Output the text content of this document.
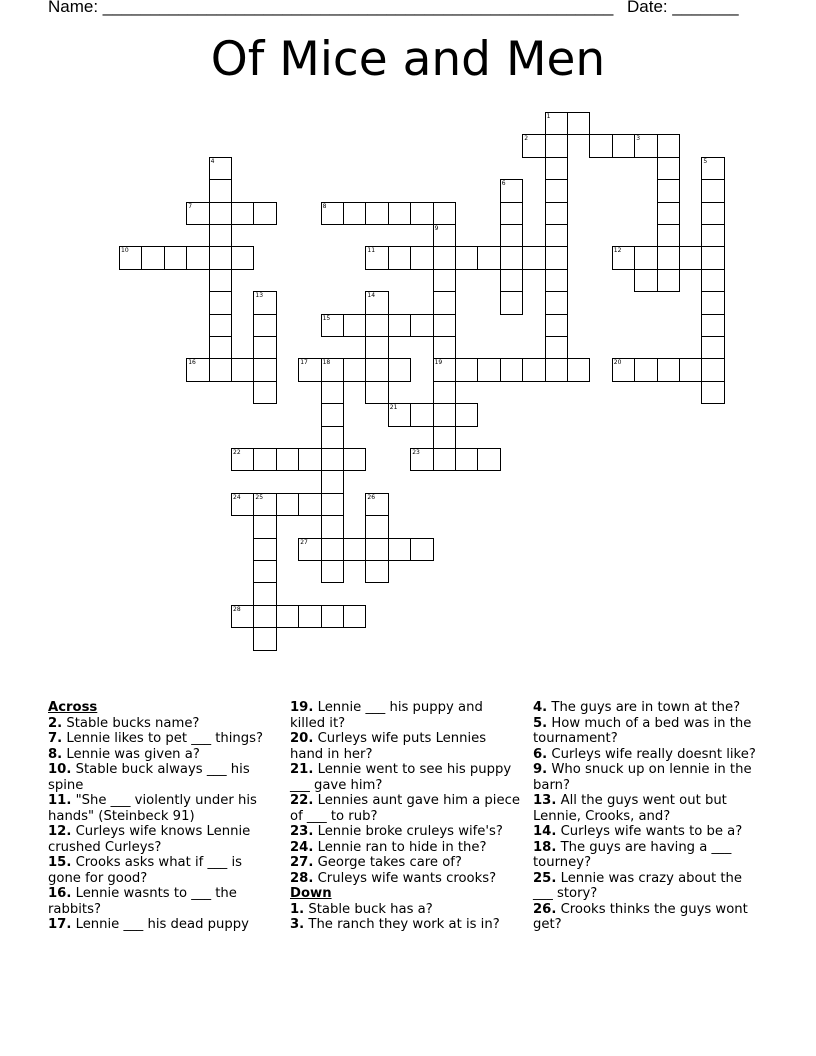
Name: ______________________________________________________ Date: _______
Of Mice and Men
1
2	3
4	5
6
7	8
9
10	11	12
13	14
15
16	17 18	19	20
21
22	23
24 25	26
27
28
Across
2. Stable bucks name?
7. Lennie likes to pet ___ things?
8. Lennie was given a?
10. Stable buck always ___ his spine
11. "She ___ violently under his hands" (Steinbeck 91)
12. Curleys wife knows Lennie crushed Curleys?
15. Crooks asks what if ___ is gone for good?
16. Lennie wasnts to ___ the rabbits?
17. Lennie ___ his dead puppy
19. Lennie ___ his puppy and killed it?
20. Curleys wife puts Lennies hand in her?
21. Lennie went to see his puppy ___ gave him?
22. Lennies aunt gave him a piece of ___ to rub?
23. Lennie broke cruleys wife's?
24. Lennie ran to hide in the?
27. George takes care of?
28. Cruleys wife wants crooks?
Down
1. Stable buck has a?
3. The ranch they work at is in?
4. The guys are in town at the?
5. How much of a bed was in the tournament?
6. Curleys wife really doesnt like?
9. Who snuck up on lennie in the barn?
13. All the guys went out but Lennie, Crooks, and?
14. Curleys wife wants to be a?
18. The guys are having a ___ tourney?
25. Lennie was crazy about the ___ story?
26. Crooks thinks the guys wont get?
